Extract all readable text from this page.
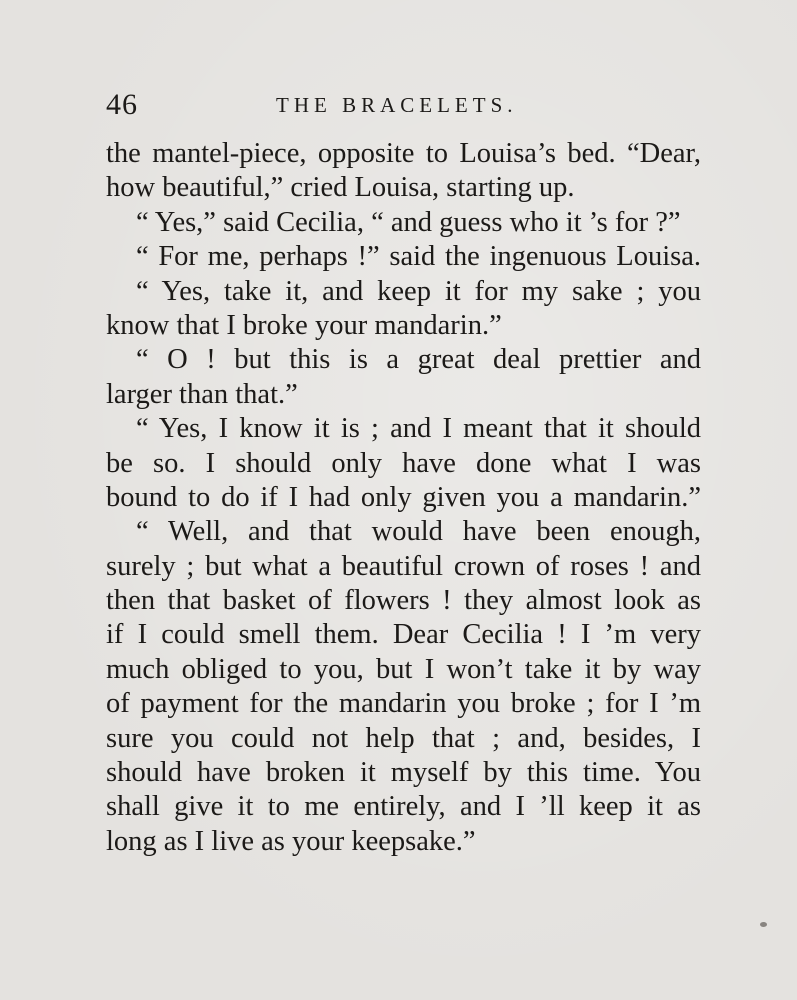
46	THE BRACELETS.
the mantel-piece, opposite to Louisa’s bed. “Dear,
how beautiful,” cried Louisa, starting up.
“ Yes,” said Cecilia, “ and guess who it ’s for ?”
“ For me, perhaps !” said the ingenuous Louisa.
“ Yes, take it, and keep it for my sake ; you
know that I broke your mandarin.”
“ O ! but this is a great deal prettier and
larger than that.”
“ Yes, I know it is ; and I meant that it should
be so. I should only have done what I was
bound to do if I had only given you a mandarin.”
“ Well, and that would have been enough,
surely ; but what a beautiful crown of roses ! and
then that basket of flowers ! they almost look as
if I could smell them. Dear Cecilia ! I ’m very
much obliged to you, but I won’t take it by way
of payment for the mandarin you broke ; for I ’m
sure you could not help that ; and, besides, I
should have broken it myself by this time. You
shall give it to me entirely, and I ’ll keep it as
long as I live as your keepsake.”
